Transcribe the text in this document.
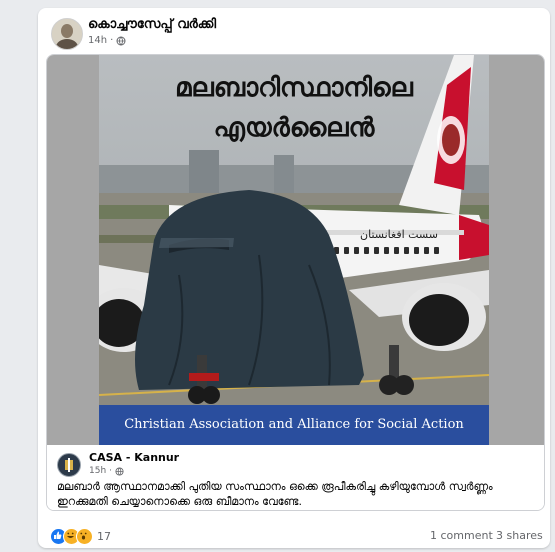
കൊച്ചൗസേപ്പ് വർക്കി
14h ·
سست افغانستان
മലബാറിസ്ഥാനിലെ
എയർലൈൻ
Christian Association and Alliance for Social Action
CASA - Kannur
15h ·
മലബാർ ആസ്ഥാനമാക്കി പുതിയ സംസ്ഥാനം ഒക്കെ രൂപീകരിച്ചു കഴിയുമ്പോൾ സ്വർണ്ണം ഇറക്കുമതി ചെയ്യാനൊക്കെ ഒരു ബീമാനം വേണ്ടേ.
17	1 comment 3 shares
